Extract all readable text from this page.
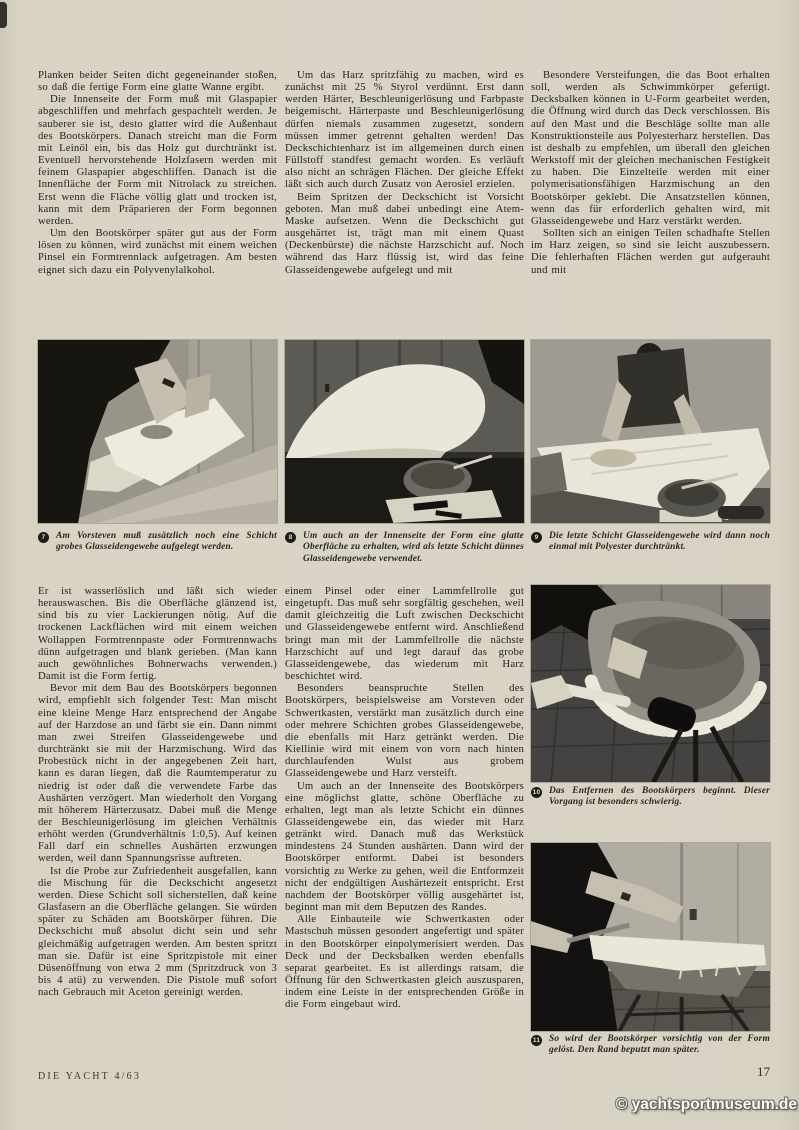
Planken beider Seiten dicht gegeneinander stoßen, so daß die fertige Form eine glatte Wanne ergibt.

Die Innenseite der Form muß mit Glaspapier abgeschliffen und mehrfach gespachtelt werden. Je sauberer sie ist, desto glatter wird die Außenhaut des Bootskörpers. Danach streicht man die Form mit Leinöl ein, bis das Holz gut durchtränkt ist. Eventuell hervorstehende Holzfasern werden mit feinem Glaspapier abgeschliffen. Danach ist die Innenfläche der Form mit Nitrolack zu streichen. Erst wenn die Fläche völlig glatt und trocken ist, kann mit dem Präparieren der Form begonnen werden.

Um den Bootskörper später gut aus der Form lösen zu können, wird zunächst mit einem weichen Pinsel ein Formtrennlack aufgetragen. Am besten eignet sich dazu ein Polyvenylalkohol.

Um das Harz spritzfähig zu machen, wird es zunächst mit 25 % Styrol verdünnt. Erst dann werden Härter, Beschleunigerlösung und Farbpaste beigemischt. Härterpaste und Beschleunigerlösung dürfen niemals zusammen zugesetzt, sondern müssen immer getrennt gehalten werden! Das Deckschichtenharz ist im allgemeinen durch einen Füllstoff standfest gemacht worden. Es verläuft also nicht an schrägen Flächen. Der gleiche Effekt läßt sich auch durch Zusatz von Aerosiel erzielen.

Beim Spritzen der Deckschicht ist Vorsicht geboten. Man muß dabei unbedingt eine Atem-Maske aufsetzen. Wenn die Deckschicht gut ausgehärtet ist, trägt man mit einem Quast (Deckenbürste) die nächste Harzschicht auf. Noch während das Harz flüssig ist, wird das feine Glasseidengewebe aufgelegt und mit

Besondere Versteifungen, die das Boot erhalten soll, werden als Schwimmkörper gefertigt. Decksbalken können in U-Form gearbeitet werden, die Öffnung wird durch das Deck verschlossen. Bis auf den Mast und die Beschläge sollte man alle Konstruktionsteile aus Polyesterharz herstellen. Das ist deshalb zu empfehlen, um überall den gleichen Werkstoff mit der gleichen mechanischen Festigkeit zu haben. Die Einzelteile werden mit einer polymerisationsfähigen Harzmischung an den Bootskörper geklebt. Die Ansatzstellen können, wenn das für erforderlich gehalten wird, mit Glasseidengewebe und Harz verstärkt werden.

Sollten sich an einigen Teilen schadhafte Stellen im Harz zeigen, so sind sie leicht auszubessern. Die fehlerhaften Flächen werden gut aufgerauht und mit

7	Am Vorsteven muß zusätzlich noch eine Schicht grobes Glasseidengewebe aufgelegt werden.
8	Um auch an der Innenseite der Form eine glatte Oberfläche zu erhalten, wird als letzte Schicht dünnes Glasseidengewebe verwendet.
9	Die letzte Schicht Glasseidengewebe wird dann noch einmal mit Polyester durchtränkt.

Er ist wasserlöslich und läßt sich wieder herauswaschen. Bis die Oberfläche glänzend ist, sind bis zu vier Lackierungen nötig. Auf die trockenen Lackflächen wird mit einem weichen Wollappen Formtrennpaste oder Formtrennwachs dünn aufgetragen und blank gerieben. (Man kann auch gewöhnliches Bohnerwachs verwenden.) Damit ist die Form fertig.

Bevor mit dem Bau des Bootskörpers begonnen wird, empfiehlt sich folgender Test: Man mischt eine kleine Menge Harz entsprechend der Angabe auf der Harzdose an und färbt sie ein. Dann nimmt man zwei Streifen Glasseidengewebe und durchtränkt sie mit der Harzmischung. Wird das Probestück nicht in der angegebenen Zeit hart, kann es daran liegen, daß die Raumtemperatur zu niedrig ist oder daß die verwendete Farbe das Aushärten verzögert. Man wiederholt den Vorgang mit höherem Härterzusatz. Dabei muß die Menge der Beschleunigerlösung im gleichen Verhältnis erhöht werden (Grundverhältnis 1:0,5). Auf keinen Fall darf ein schnelles Aushärten erzwungen werden, weil dann Spannungsrisse auftreten.

Ist die Probe zur Zufriedenheit ausgefallen, kann die Mischung für die Deckschicht angesetzt werden. Diese Schicht soll sicherstellen, daß keine Glasfasern an die Oberfläche gelangen. Sie würden später zu Schäden am Bootskörper führen. Die Deckschicht muß absolut dicht sein und sehr gleichmäßig aufgetragen werden. Am besten spritzt man sie. Dafür ist eine Spritzpistole mit einer Düsenöffnung von etwa 2 mm (Spritzdruck von 3 bis 4 atü) zu verwenden. Die Pistole muß sofort nach Gebrauch mit Aceton gereinigt werden.

einem Pinsel oder einer Lammfellrolle gut eingetupft. Das muß sehr sorgfältig geschehen, weil damit gleichzeitig die Luft zwischen Deckschicht und Glasseidengewebe entfernt wird. Anschließend bringt man mit der Lammfellrolle die nächste Harzschicht auf und legt darauf das grobe Glasseidengewebe, das wiederum mit Harz beschichtet wird.

Besonders beanspruchte Stellen des Bootskörpers, beispielsweise am Vorsteven oder Schwertkasten, verstärkt man zusätzlich durch eine oder mehrere Schichten grobes Glasseidengewebe, die ebenfalls mit Harz getränkt werden. Die Kiellinie wird mit einem von vorn nach hinten durchlaufenden Wulst aus grobem Glasseidengewebe und Harz versteift.

Um auch an der Innenseite des Bootskörpers eine möglichst glatte, schöne Oberfläche zu erhalten, legt man als letzte Schicht ein dünnes Glasseidengewebe ein, das wieder mit Harz getränkt wird. Danach muß das Werkstück mindestens 24 Stunden aushärten. Dann wird der Bootskörper entformt. Dabei ist besonders vorsichtig zu Werke zu gehen, weil die Entformzeit nicht der endgültigen Aushärtezeit entspricht. Erst nachdem der Bootskörper völlig ausgehärtet ist, beginnt man mit dem Beputzen des Randes.

Alle Einbauteile wie Schwertkasten oder Mastschuh müssen gesondert angefertigt und später in den Bootskörper einpolymerisiert werden. Das Deck und der Decksbalken werden ebenfalls separat gearbeitet. Es ist allerdings ratsam, die Öffnung für den Schwertkasten gleich auszusparen, indem eine Leiste in der entsprechenden Größe in die Form eingebaut wird.

10 Das Entfernen des Bootskörpers beginnt. Dieser Vorgang ist besonders schwierig.
11 So wird der Bootskörper vorsichtig von der Form gelöst. Den Rand beputzt man später.
DIE YACHT 4/63	17
© yachtsportmuseum.de
